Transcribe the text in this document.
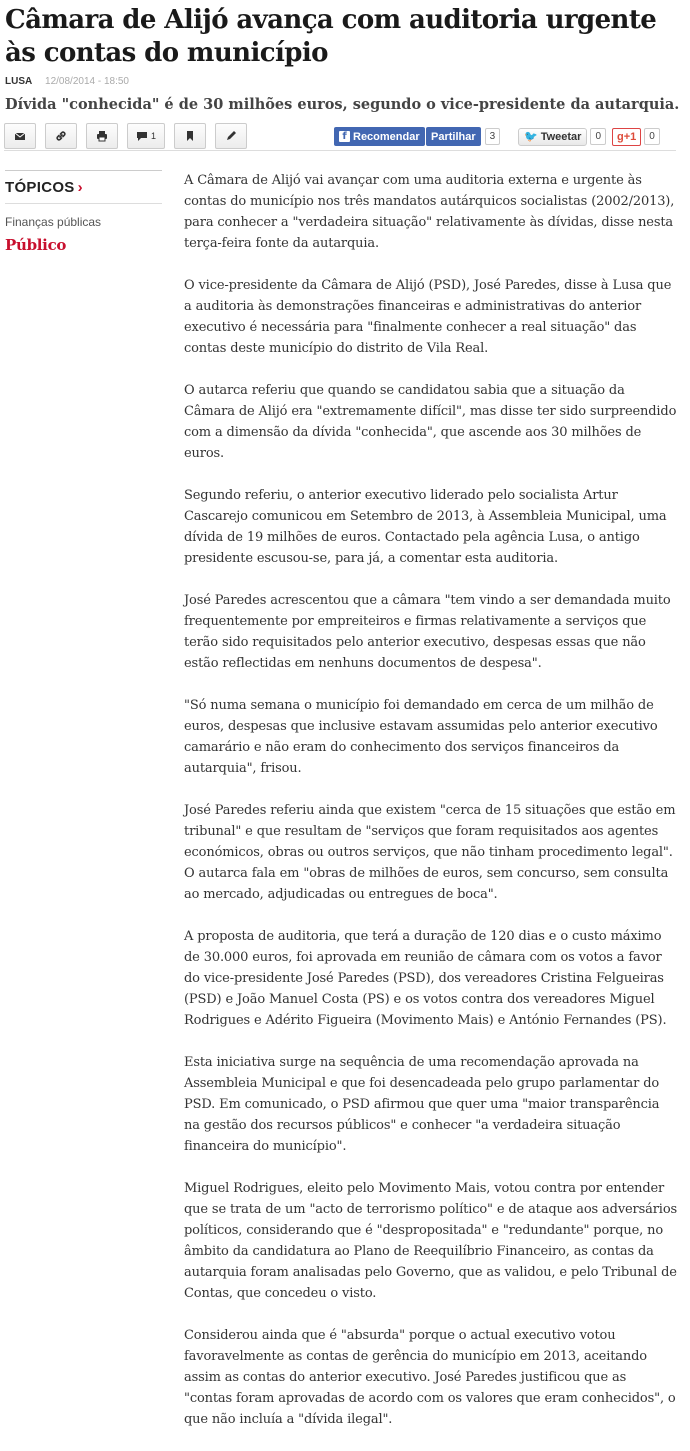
Câmara de Alijó avança com auditoria urgente às contas do município
LUSA 12/08/2014 - 18:50
Dívida "conhecida" é de 30 milhões euros, segundo o vice-presidente da autarquia.
1	f Recomendar Partilhar	3	🐦 Tweetar	0	g +1	0
TÓPICOS ›
Finanças públicas
Público

A Câmara de Alijó vai avançar com uma auditoria externa e urgente às contas do município nos três mandatos autárquicos socialistas (2002/2013), para conhecer a "verdadeira situação" relativamente às dívidas, disse nesta terça-feira fonte da autarquia.

O vice-presidente da Câmara de Alijó (PSD), José Paredes, disse à Lusa que a auditoria às demonstrações financeiras e administrativas do anterior executivo é necessária para "finalmente conhecer a real situação" das contas deste município do distrito de Vila Real.

O autarca referiu que quando se candidatou sabia que a situação da Câmara de Alijó era "extremamente difícil", mas disse ter sido surpreendido com a dimensão da dívida "conhecida", que ascende aos 30 milhões de euros.

Segundo referiu, o anterior executivo liderado pelo socialista Artur Cascarejo comunicou em Setembro de 2013, à Assembleia Municipal, uma dívida de 19 milhões de euros. Contactado pela agência Lusa, o antigo presidente escusou-se, para já, a comentar esta auditoria.

José Paredes acrescentou que a câmara "tem vindo a ser demandada muito frequentemente por empreiteiros e firmas relativamente a serviços que terão sido requisitados pelo anterior executivo, despesas essas que não estão reflectidas em nenhuns documentos de despesa".

"Só numa semana o município foi demandado em cerca de um milhão de euros, despesas que inclusive estavam assumidas pelo anterior executivo camarário e não eram do conhecimento dos serviços financeiros da autarquia", frisou.

José Paredes referiu ainda que existem "cerca de 15 situações que estão em tribunal" e que resultam de "serviços que foram requisitados aos agentes económicos, obras ou outros serviços, que não tinham procedimento legal". O autarca fala em "obras de milhões de euros, sem concurso, sem consulta ao mercado, adjudicadas ou entregues de boca".

A proposta de auditoria, que terá a duração de 120 dias e o custo máximo de 30.000 euros, foi aprovada em reunião de câmara com os votos a favor do vice-presidente José Paredes (PSD), dos vereadores Cristina Felgueiras (PSD) e João Manuel Costa (PS) e os votos contra dos vereadores Miguel Rodrigues e Adérito Figueira (Movimento Mais) e António Fernandes (PS).

Esta iniciativa surge na sequência de uma recomendação aprovada na Assembleia Municipal e que foi desencadeada pelo grupo parlamentar do PSD. Em comunicado, o PSD afirmou que quer uma "maior transparência na gestão dos recursos públicos" e conhecer "a verdadeira situação financeira do município".

Miguel Rodrigues, eleito pelo Movimento Mais, votou contra por entender que se trata de um "acto de terrorismo político" e de ataque aos adversários políticos, considerando que é "despropositada" e "redundante" porque, no âmbito da candidatura ao Plano de Reequilíbrio Financeiro, as contas da autarquia foram analisadas pelo Governo, que as validou, e pelo Tribunal de Contas, que concedeu o visto.

Considerou ainda que é "absurda" porque o actual executivo votou favoravelmente as contas de gerência do município em 2013, aceitando assim as contas do anterior executivo. José Paredes justificou que as "contas foram aprovadas de acordo com os valores que eram conhecidos", o que não incluía a "dívida ilegal".
